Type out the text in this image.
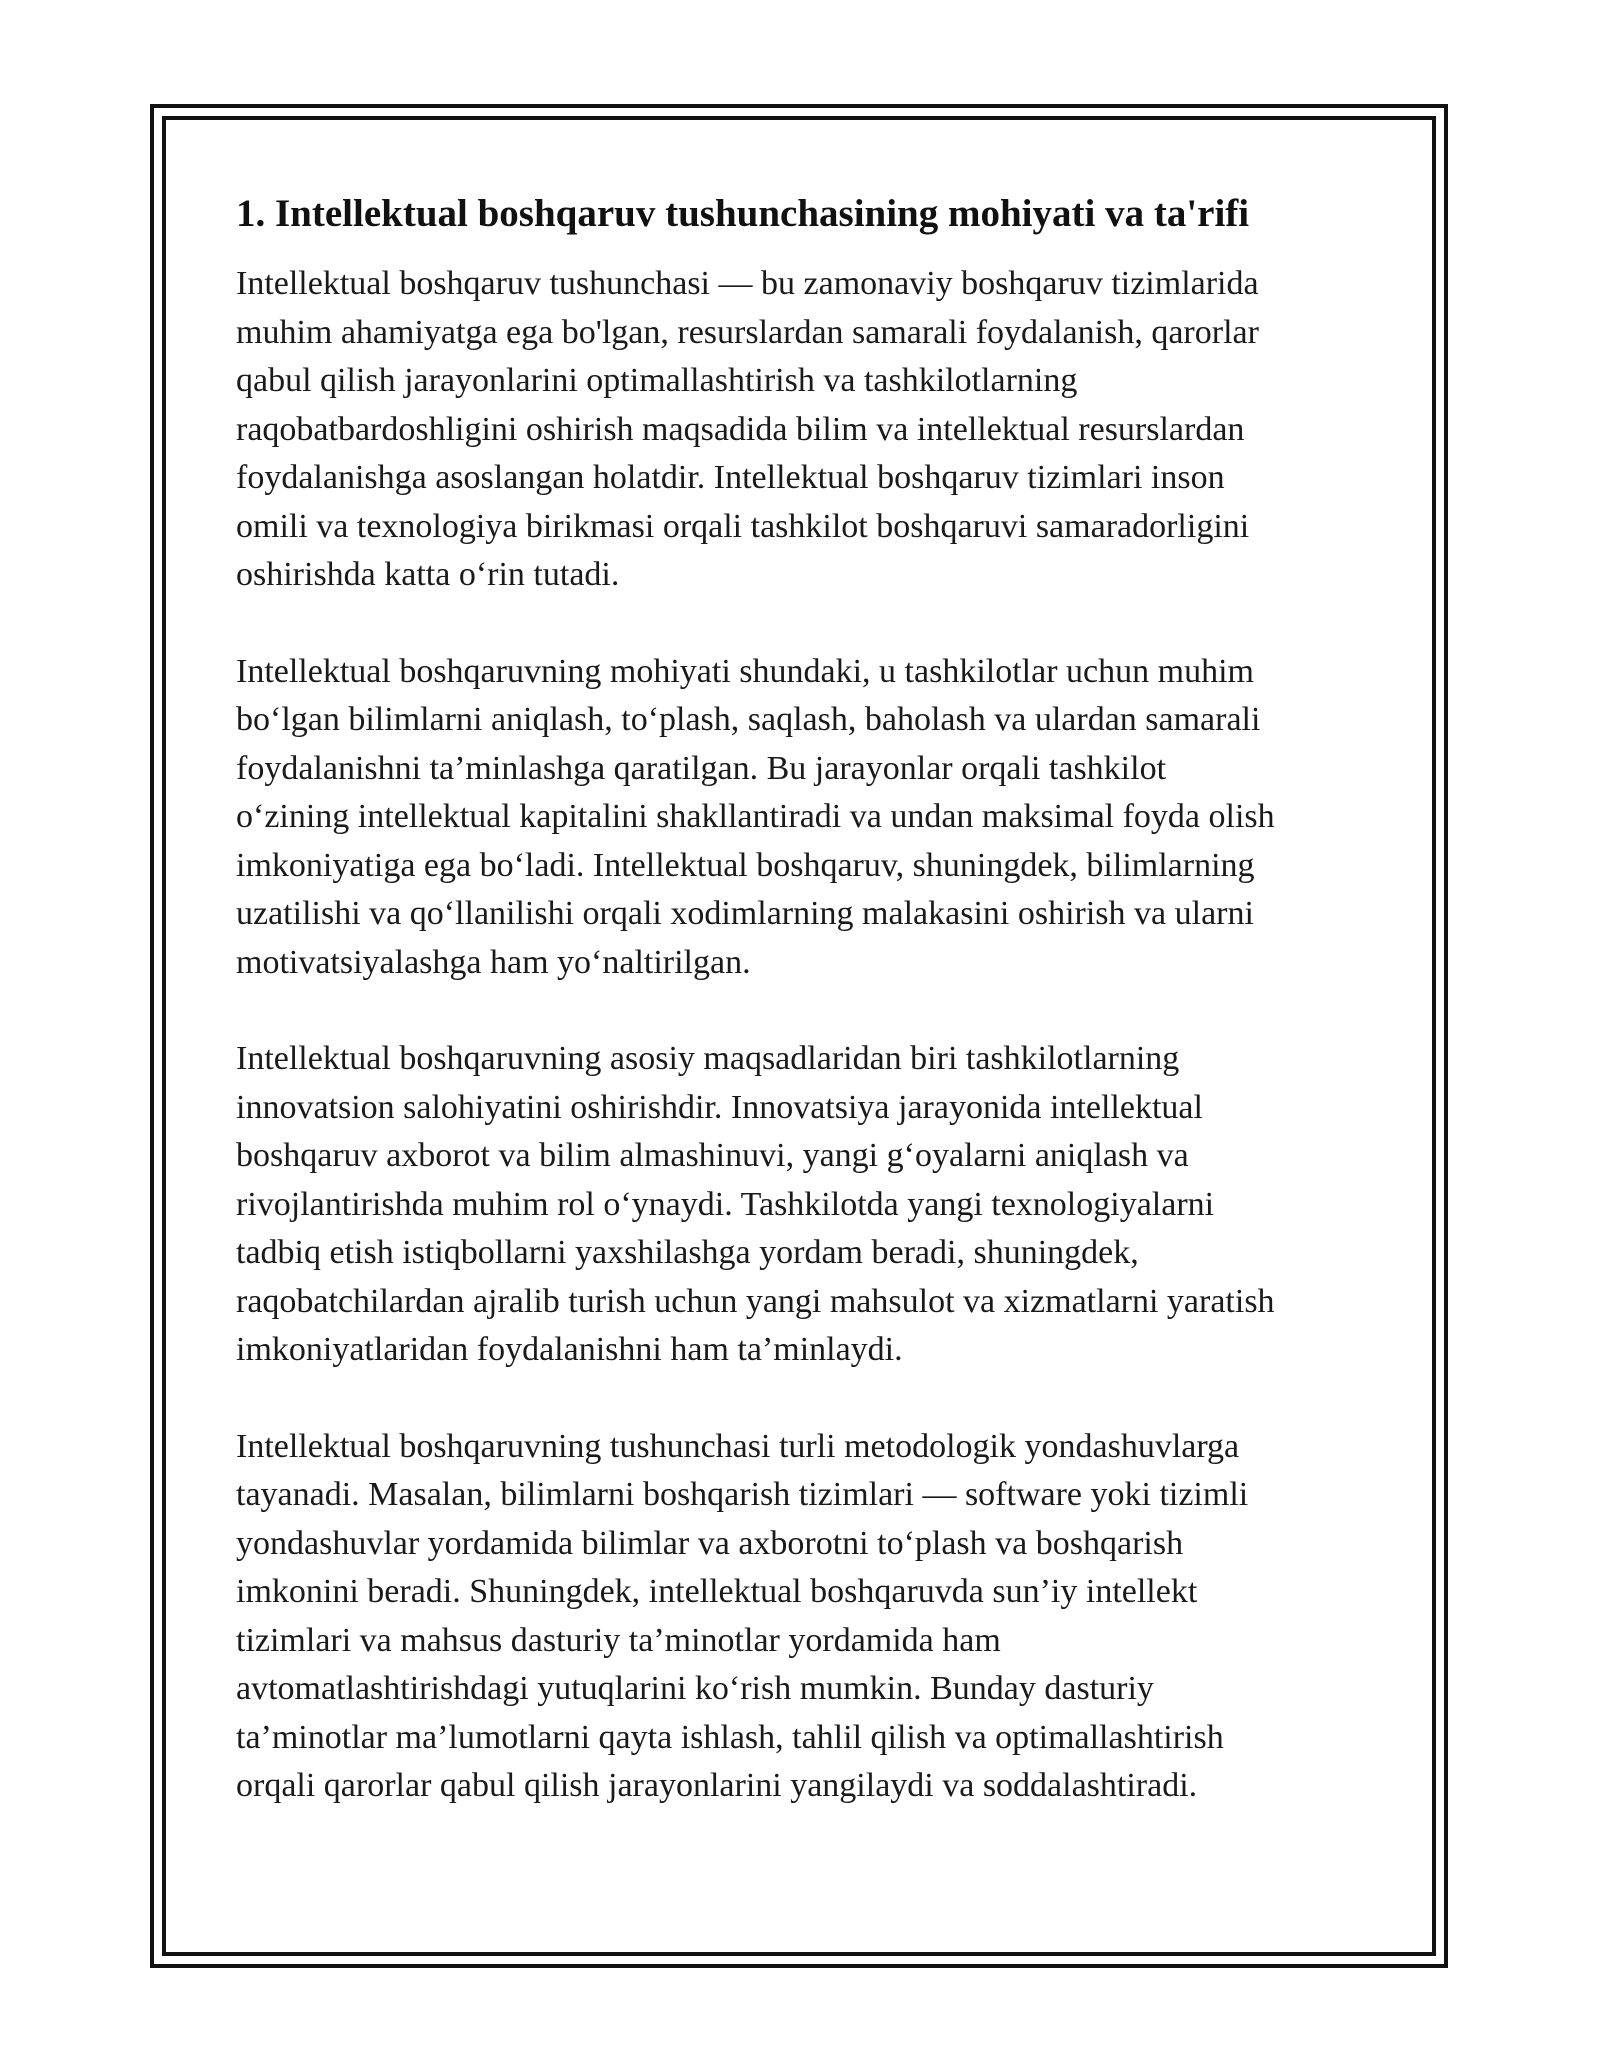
1. Intellektual boshqaruv tushunchasining mohiyati va ta'rifi

Intellektual boshqaruv tushunchasi — bu zamonaviy boshqaruv tizimlarida
muhim ahamiyatga ega bo'lgan, resurslardan samarali foydalanish, qarorlar
qabul qilish jarayonlarini optimallashtirish va tashkilotlarning
raqobatbardoshligini oshirish maqsadida bilim va intellektual resurslardan
foydalanishga asoslangan holatdir. Intellektual boshqaruv tizimlari inson
omili va texnologiya birikmasi orqali tashkilot boshqaruvi samaradorligini
oshirishda katta oʻrin tutadi.

Intellektual boshqaruvning mohiyati shundaki, u tashkilotlar uchun muhim
boʻlgan bilimlarni aniqlash, toʻplash, saqlash, baholash va ulardan samarali
foydalanishni ta’minlashga qaratilgan. Bu jarayonlar orqali tashkilot
oʻzining intellektual kapitalini shakllantiradi va undan maksimal foyda olish
imkoniyatiga ega boʻladi. Intellektual boshqaruv, shuningdek, bilimlarning
uzatilishi va qoʻllanilishi orqali xodimlarning malakasini oshirish va ularni
motivatsiyalashga ham yoʻnaltirilgan.

Intellektual boshqaruvning asosiy maqsadlaridan biri tashkilotlarning
innovatsion salohiyatini oshirishdir. Innovatsiya jarayonida intellektual
boshqaruv axborot va bilim almashinuvi, yangi gʻoyalarni aniqlash va
rivojlantirishda muhim rol oʻynaydi. Tashkilotda yangi texnologiyalarni
tadbiq etish istiqbollarni yaxshilashga yordam beradi, shuningdek,
raqobatchilardan ajralib turish uchun yangi mahsulot va xizmatlarni yaratish
imkoniyatlaridan foydalanishni ham ta’minlaydi.

Intellektual boshqaruvning tushunchasi turli metodologik yondashuvlarga
tayanadi. Masalan, bilimlarni boshqarish tizimlari — software yoki tizimli
yondashuvlar yordamida bilimlar va axborotni toʻplash va boshqarish
imkonini beradi. Shuningdek, intellektual boshqaruvda sun’iy intellekt
tizimlari va mahsus dasturiy ta’minotlar yordamida ham
avtomatlashtirishdagi yutuqlarini koʻrish mumkin. Bunday dasturiy
ta’minotlar ma’lumotlarni qayta ishlash, tahlil qilish va optimallashtirish
orqali qarorlar qabul qilish jarayonlarini yangilaydi va soddalashtiradi.
